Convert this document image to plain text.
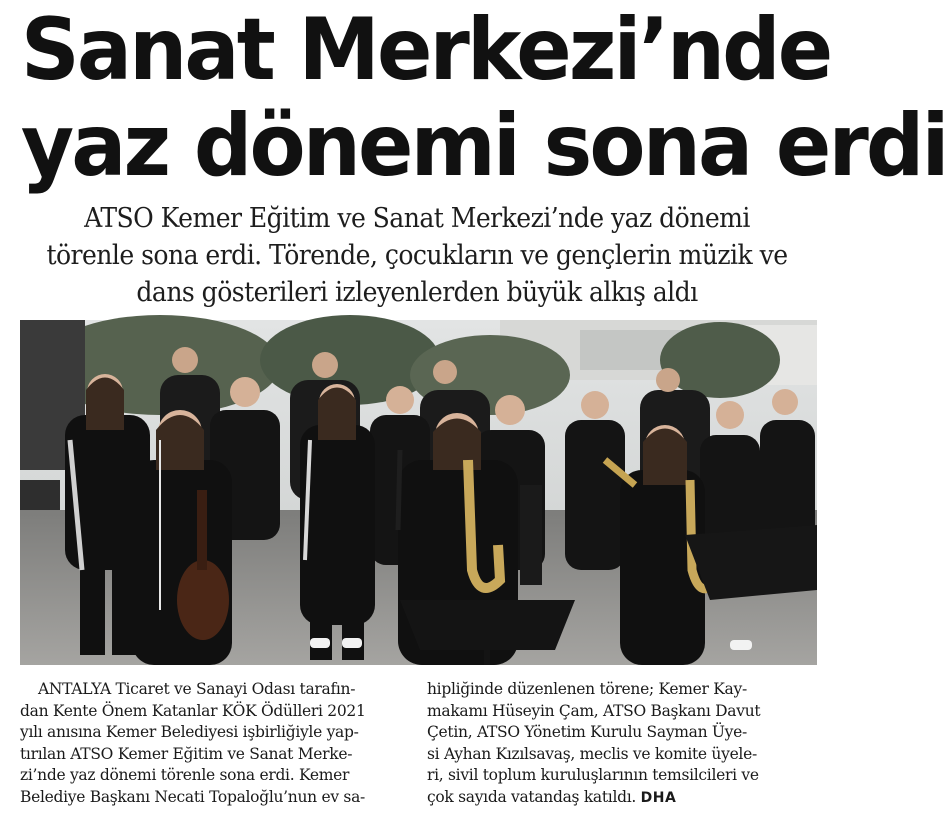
Sanat Merkezi’nde
yaz dönemi sona erdi
ATSO Kemer Eğitim ve Sanat Merkezi’nde yaz dönemi
törenle sona erdi. Törende, çocukların ve gençlerin müzik ve
dans gösterileri izleyenlerden büyük alkış aldı
ANTALYA Ticaret ve Sanayi Odası tarafın-
dan Kente Önem Katanlar KÖK Ödülleri 2021
yılı anısına Kemer Belediyesi işbirliğiyle yap-
tırılan ATSO Kemer Eğitim ve Sanat Merke-
zi’nde yaz dönemi törenle sona erdi. Kemer
Belediye Başkanı Necati Topaloğlu’nun ev sa-
hipliğinde düzenlenen törene; Kemer Kay-
makamı Hüseyin Çam, ATSO Başkanı Davut
Çetin, ATSO Yönetim Kurulu Sayman Üye-
si Ayhan Kızılsavaş, meclis ve komite üyele-
ri, sivil toplum kuruluşlarının temsilcileri ve
çok sayıda vatandaş katıldı. DHA
